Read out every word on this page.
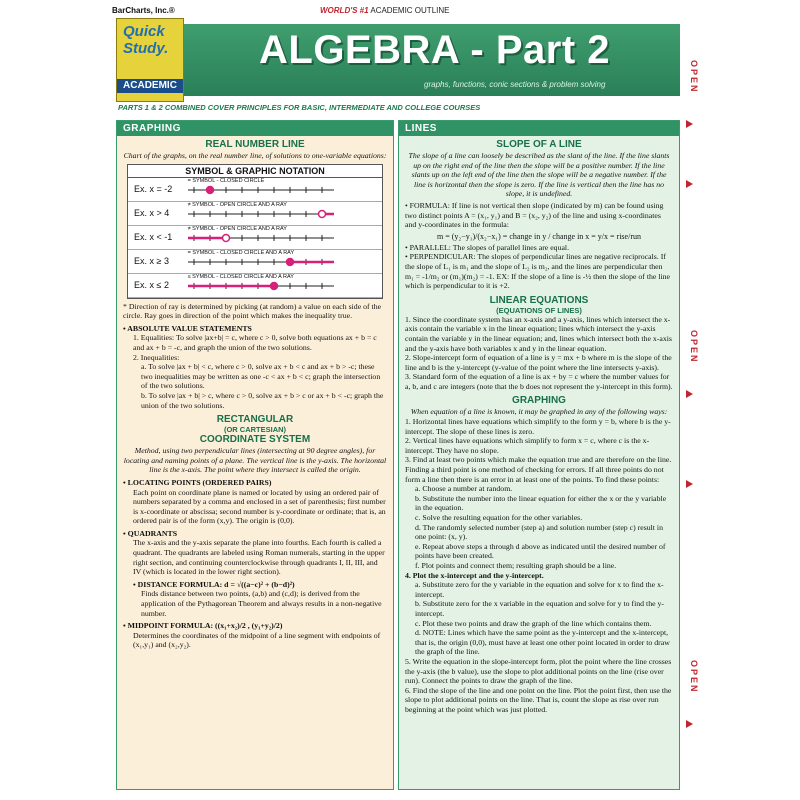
BarCharts, Inc.®	WORLD'S #1 ACADEMIC OUTLINE
Quick
Study.
ACADEMIC
ALGEBRA - Part 2
graphs, functions, conic sections & problem solving
PARTS 1 & 2 COMBINED COVER PRINCIPLES FOR BASIC, INTERMEDIATE AND COLLEGE COURSES
OPEN
OPEN
OPEN
GRAPHING
REAL NUMBER LINE

Chart of the graphs, on the real number line, of solutions to one-variable equations:

SYMBOL & GRAPHIC NOTATION
Ex. x = -2
= SYMBOL - CLOSED CIRCLE
Ex. x > 4
≠ SYMBOL - OPEN CIRCLE AND A RAY
Ex. x < -1
≠ SYMBOL - OPEN CIRCLE AND A RAY
Ex. x ≥ 3
= SYMBOL - CLOSED CIRCLE AND A RAY
Ex. x ≤ 2
≤ SYMBOL - CLOSED CIRCLE AND A RAY

* Direction of ray is determined by picking (at random) a value on each side of the circle. Ray goes in direction of the point which makes the inequality true.

• ABSOLUTE VALUE STATEMENTS

1. Equalities: To solve |ax+b| = c, where c > 0, solve both equations ax + b = c and ax + b = -c, and graph the union of the two solutions.

2. Inequalities:

a. To solve |ax + b| < c, where c > 0, solve ax + b < c and ax + b > -c; these two inequalities may be written as one -c < ax + b < c; graph the intersection of the two solutions.

b. To solve |ax + b| > c, where c > 0, solve ax + b > c or ax + b < -c; graph the union of the two solutions.

RECTANGULAR
(OR CARTESIAN)
COORDINATE SYSTEM

Method, using two perpendicular lines (intersecting at 90 degree angles), for locating and naming points of a plane. The vertical line is the y-axis. The horizontal line is the x-axis. The point where they intersect is called the origin.

• LOCATING POINTS (ORDERED PAIRS)

Each point on coordinate plane is named or located by using an ordered pair of numbers separated by a comma and enclosed in a set of parenthesis; first number is x-coordinate or abscissa; second number is y-coordinate or ordinate; that is, an ordered pair is of the form (x,y). The origin is (0,0).

• QUADRANTS

The x-axis and the y-axis separate the plane into fourths. Each fourth is called a quadrant. The quadrants are labeled using Roman numerals, starting in the upper right section, and continuing counterclockwise through quadrants I, II, III, and IV (which is located in the lower right section).

• DISTANCE FORMULA: d = √((a−c)² + (b−d)²)

Finds distance between two points, (a,b) and (c,d); is derived from the application of the Pythagorean Theorem and always results in a non-negative number.

• MIDPOINT FORMULA: ((x₁+x₂)/2 , (y₁+y₂)/2)

Determines the coordinates of the midpoint of a line segment with endpoints of (x₁,y₁) and (x₂,y₂).

LINES
SLOPE OF A LINE

The slope of a line can loosely be described as the slant of the line. If the line slants up on the right end of the line then the slope will be a positive number. If the line slants up on the left end of the line then the slope will be a negative number. If the line is horizontal then the slope is zero. If the line is vertical then the line has no slope, it is undefined.

• FORMULA: If line is not vertical then slope (indicated by m) can be found using two distinct points A = (x₁, y₁) and B = (x₂, y₂) of the line and using x-coordinates and y-coordinates in the formula:

m = (y₂−y₁)/(x₂−x₁) = change in y / change in x = y/x = rise/run

• PARALLEL: The slopes of parallel lines are equal.

• PERPENDICULAR: The slopes of perpendicular lines are negative reciprocals. If the slope of L₁ is m₁ and the slope of L₂ is m₂, and the lines are perpendicular then m₁ = -1/m₂ or (m₁)(m₂) = -1. EX: If the slope of a line is -½ then the slope of the line which is perpendicular to it is +2.

LINEAR EQUATIONS
(EQUATIONS OF LINES)

1. Since the coordinate system has an x-axis and a y-axis, lines which intersect the x-axis contain the variable x in the linear equation; lines which intersect the y-axis contain the variable y in the linear equation; and, lines which intersect both the x-axis and the y-axis have both variables x and y in the linear equation.

2. Slope-intercept form of equation of a line is y = mx + b where m is the slope of the line and b is the y-intercept (y-value of the point where the line intersects y-axis).

3. Standard form of the equation of a line is ax + by = c where the number values for a, b, and c are integers (note that the b does not represent the y-intercept in this form).

GRAPHING

When equation of a line is known, it may be graphed in any of the following ways:

1. Horizontal lines have equations which simplify to the form y = b, where b is the y-intercept. The slope of these lines is zero.

2. Vertical lines have equations which simplify to form x = c, where c is the x-intercept. They have no slope.

3. Find at least two points which make the equation true and are therefore on the line. Finding a third point is one method of checking for errors. If all three points do not form a line then there is an error in at least one of the points. To find these points:

a. Choose a number at random.

b. Substitute the number into the linear equation for either the x or the y variable in the equation.

c. Solve the resulting equation for the other variables.

d. The randomly selected number (step a) and solution number (step c) result in one point: (x, y).

e. Repeat above steps a through d above as indicated until the desired number of points have been created.

f. Plot points and connect them; resulting graph should be a line.

4. Plot the x-intercept and the y-intercept.

a. Substitute zero for the y variable in the equation and solve for x to find the x-intercept.

b. Substitute zero for the x variable in the equation and solve for y to find the y-intercept.

c. Plot these two points and draw the graph of the line which contains them.

d. NOTE: Lines which have the same point as the y-intercept and the x-intercept, that is, the origin (0,0), must have at least one other point located in order to draw the graph of the line.

5. Write the equation in the slope-intercept form, plot the point where the line crosses the y-axis (the b value), use the slope to plot additional points on the line (rise over run). Connect the points to draw the graph of the line.

6. Find the slope of the line and one point on the line. Plot the point first, then use the slope to plot additional points on the line. That is, count the slope as rise over run beginning at the point which was just plotted.
